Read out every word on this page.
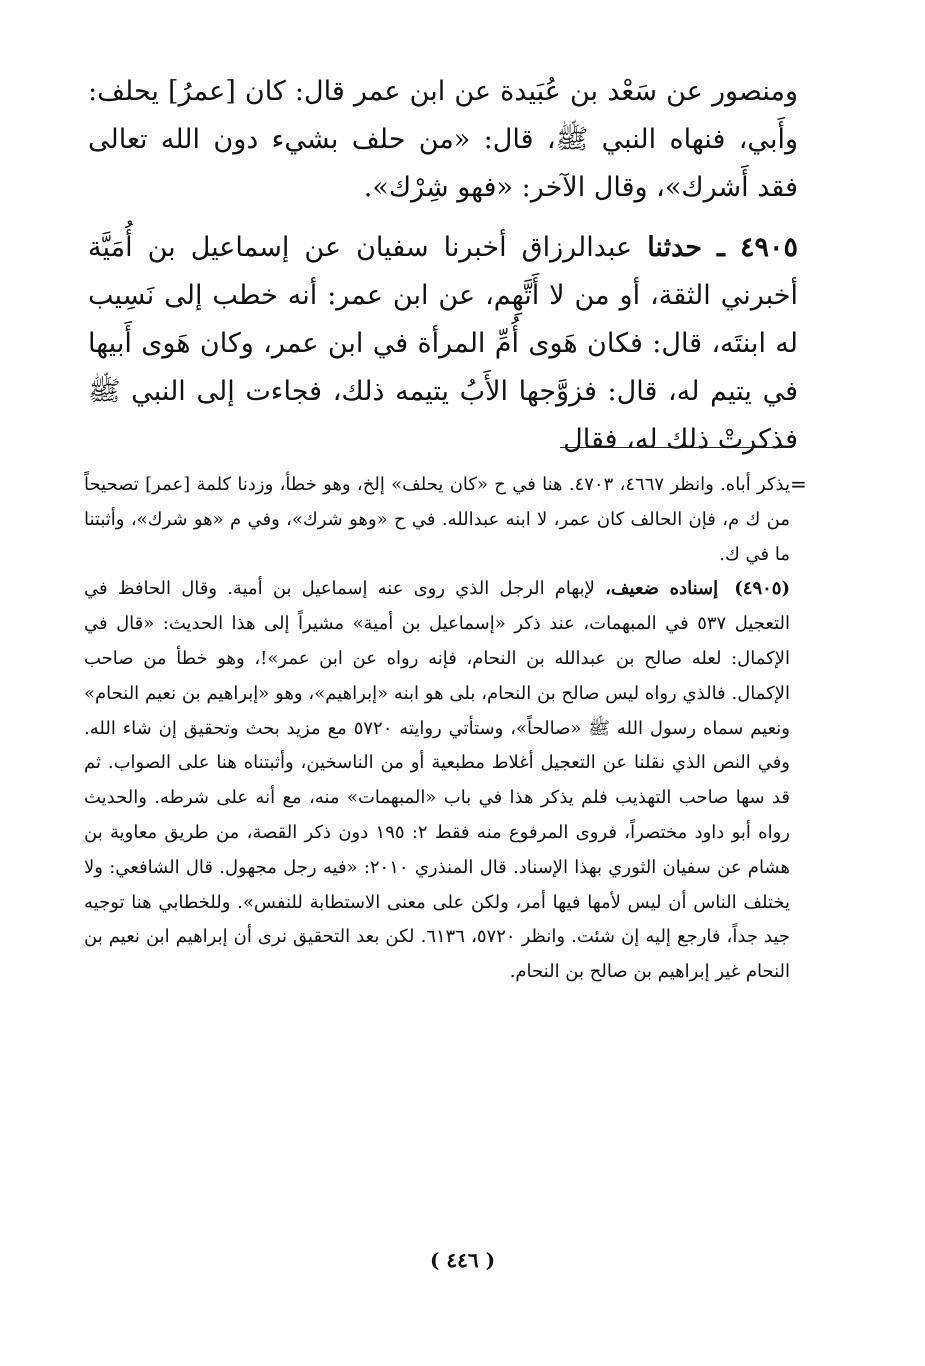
ومنصور عن سَعْد بن عُبَيدة عن ابن عمر قال: كان [عمرُ] يحلف: وأَبي، فنهاه النبي ﷺ، قال: «من حلف بشيء دون الله تعالى فقد أَشرك»، وقال الآخر: «فهو شِرْك».

٤٩٠٥ ـ حدثنا عبدالرزاق أخبرنا سفيان عن إسماعيل بن أُمَيَّة أخبرني الثقة، أو من لا أَتَّهِم، عن ابن عمر: أنه خطب إلى نَسِيب له ابنتَه، قال: فكان هَوى أُمِّ المرأة في ابن عمر، وكان هَوى أَبيها في يتيم له، قال: فزوَّجها الأَبُ يتيمه ذلك، فجاءت إلى النبي ﷺ فذكرتْ ذلك له، فقال

=

يذكر أباه. وانظر ٤٦٦٧، ٤٧٠٣. هنا في ح «كان يحلف» إلخ، وهو خطأ، وزدنا كلمة [عمر] تصحيحاً من ك م، فإن الحالف كان عمر، لا ابنه عبدالله. في ح «وهو شرك»، وفي م «هو شرك»، وأثبتنا ما في ك.

(٤٩٠٥) إسناده ضعيف، لإبهام الرجل الذي روى عنه إسماعيل بن أمية. وقال الحافظ في التعجيل ٥٣٧ في المبهمات، عند ذكر «إسماعيل بن أمية» مشيراً إلى هذا الحديث: «قال في الإكمال: لعله صالح بن عبدالله بن النحام، فإنه رواه عن ابن عمر»!، وهو خطأ من صاحب الإكمال. فالذي رواه ليس صالح بن النحام، بلى هو ابنه «إبراهيم»، وهو «إبراهيم بن نعيم النحام» ونعيم سماه رسول الله ﷺ «صالحاً»، وستأتي روايته ٥٧٢٠ مع مزيد بحث وتحقيق إن شاء الله. وفي النص الذي نقلنا عن التعجيل أغلاط مطبعية أو من الناسخين، وأثبتناه هنا على الصواب. ثم قد سها صاحب التهذيب فلم يذكر هذا في باب «المبهمات» منه، مع أنه على شرطه. والحديث رواه أبو داود مختصراً، فروى المرفوع منه فقط ٢: ١٩٥ دون ذكر القصة، من طريق معاوية بن هشام عن سفيان الثوري بهذا الإسناد. قال المنذري ٢٠١٠: «فيه رجل مجهول. قال الشافعي: ولا يختلف الناس أن ليس لأمها فيها أمر، ولكن على معنى الاستطابة للنفس». وللخطابي هنا توجيه جيد جداً، فارجع إليه إن شئت. وانظر ٥٧٢٠، ٦١٣٦. لكن بعد التحقيق نرى أن إبراهيم ابن نعيم بن النحام غير إبراهيم بن صالح بن النحام.

( ٤٤٦ )
